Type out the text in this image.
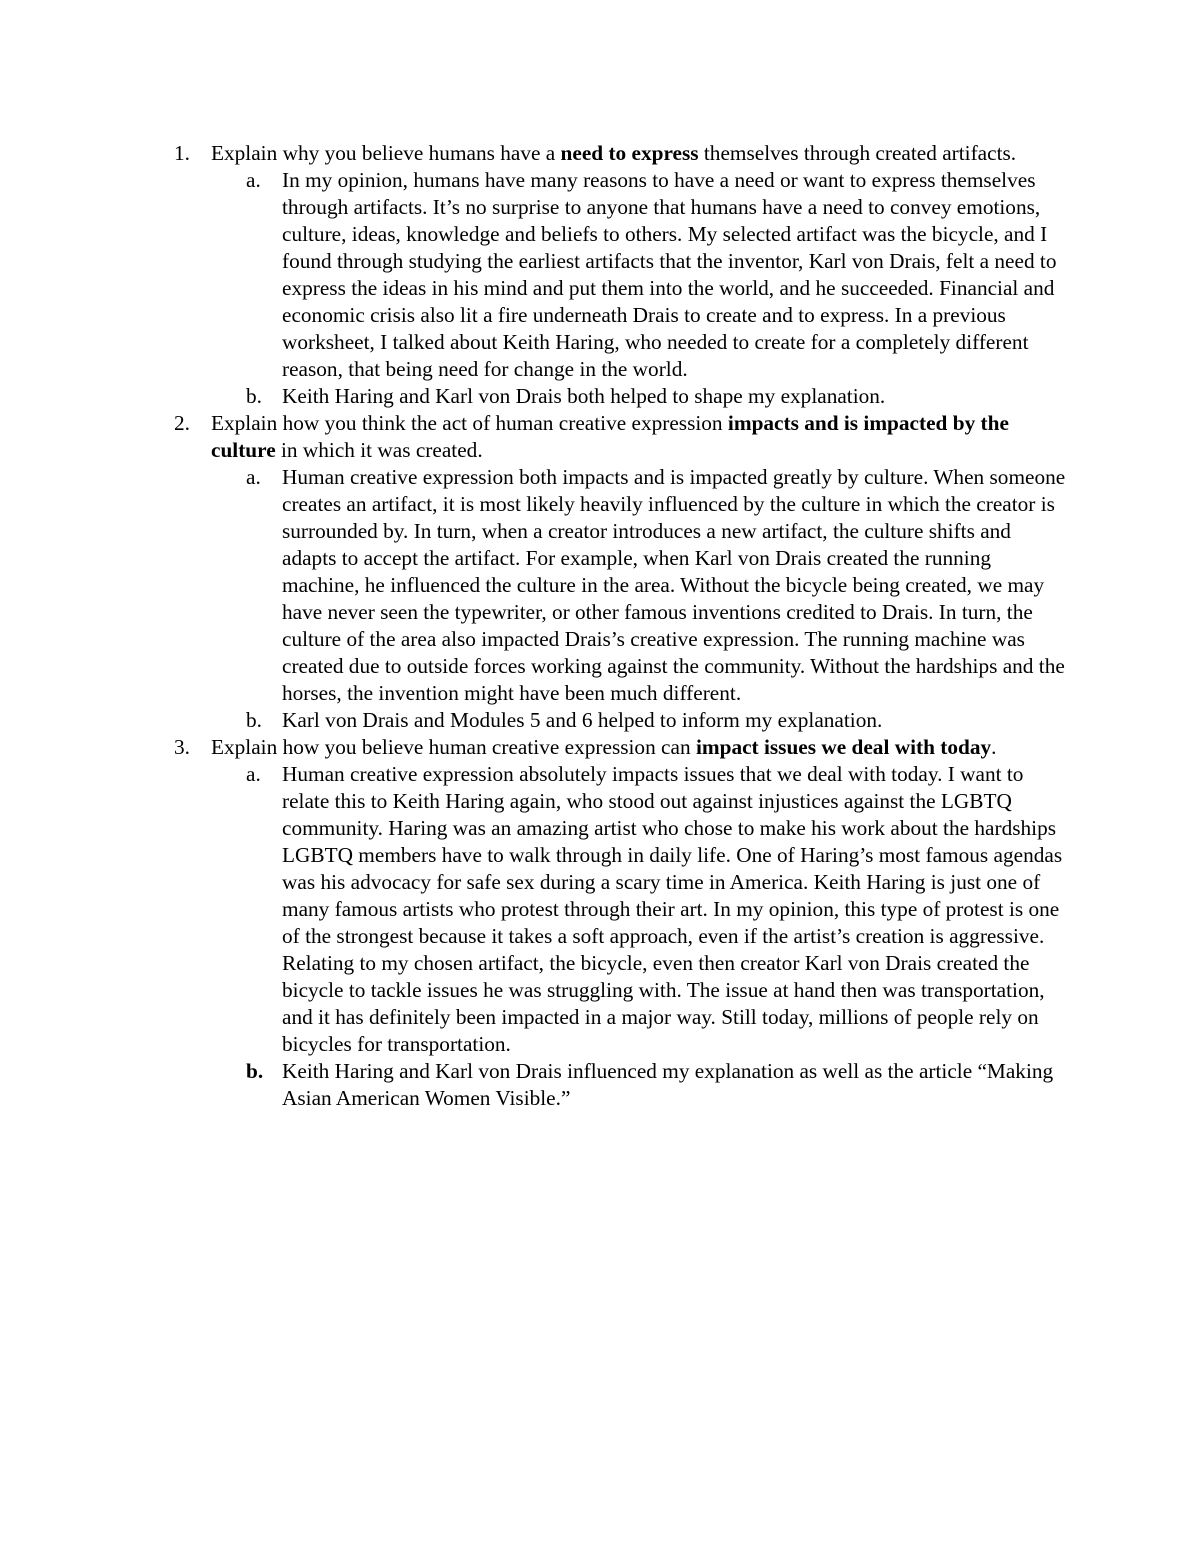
1. Explain why you believe humans have a need to express themselves through created artifacts.
a. In my opinion, humans have many reasons to have a need or want to express themselves through artifacts. It’s no surprise to anyone that humans have a need to convey emotions, culture, ideas, knowledge and beliefs to others. My selected artifact was the bicycle, and I found through studying the earliest artifacts that the inventor, Karl von Drais, felt a need to express the ideas in his mind and put them into the world, and he succeeded. Financial and economic crisis also lit a fire underneath Drais to create and to express. In a previous worksheet, I talked about Keith Haring, who needed to create for a completely different reason, that being need for change in the world.
b. Keith Haring and Karl von Drais both helped to shape my explanation.
2. Explain how you think the act of human creative expression impacts and is impacted by the culture in which it was created.
a. Human creative expression both impacts and is impacted greatly by culture. When someone creates an artifact, it is most likely heavily influenced by the culture in which the creator is surrounded by. In turn, when a creator introduces a new artifact, the culture shifts and adapts to accept the artifact. For example, when Karl von Drais created the running machine, he influenced the culture in the area. Without the bicycle being created, we may have never seen the typewriter, or other famous inventions credited to Drais. In turn, the culture of the area also impacted Drais’s creative expression. The running machine was created due to outside forces working against the community. Without the hardships and the horses, the invention might have been much different.
b. Karl von Drais and Modules 5 and 6 helped to inform my explanation.
3. Explain how you believe human creative expression can impact issues we deal with today.
a. Human creative expression absolutely impacts issues that we deal with today. I want to relate this to Keith Haring again, who stood out against injustices against the LGBTQ community. Haring was an amazing artist who chose to make his work about the hardships LGBTQ members have to walk through in daily life. One of Haring’s most famous agendas was his advocacy for safe sex during a scary time in America. Keith Haring is just one of many famous artists who protest through their art. In my opinion, this type of protest is one of the strongest because it takes a soft approach, even if the artist’s creation is aggressive. Relating to my chosen artifact, the bicycle, even then creator Karl von Drais created the bicycle to tackle issues he was struggling with. The issue at hand then was transportation, and it has definitely been impacted in a major way. Still today, millions of people rely on bicycles for transportation.
b. Keith Haring and Karl von Drais influenced my explanation as well as the article “Making Asian American Women Visible.”
